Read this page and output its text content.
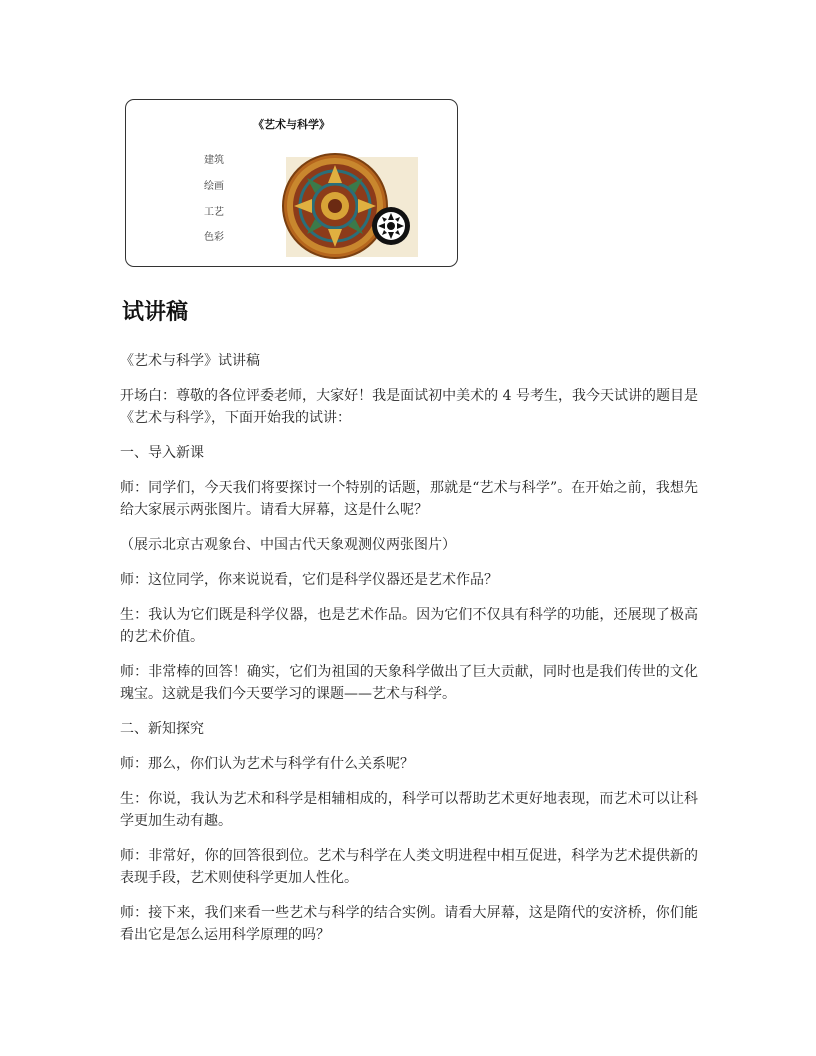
《艺术与科学》
建筑
绘画
工艺
色彩
试讲稿

《艺术与科学》试讲稿

开场白：尊敬的各位评委老师，大家好！我是面试初中美术的 4 号考生，我今天试讲的题目是《艺术与科学》，下面开始我的试讲：

一、导入新课

师：同学们，今天我们将要探讨一个特别的话题，那就是“艺术与科学”。在开始之前，我想先给大家展示两张图片。请看大屏幕，这是什么呢？

（展示北京古观象台、中国古代天象观测仪两张图片）

师：这位同学，你来说说看，它们是科学仪器还是艺术作品？

生：我认为它们既是科学仪器，也是艺术作品。因为它们不仅具有科学的功能，还展现了极高的艺术价值。

师：非常棒的回答！确实，它们为祖国的天象科学做出了巨大贡献，同时也是我们传世的文化瑰宝。这就是我们今天要学习的课题——艺术与科学。

二、新知探究

师：那么，你们认为艺术与科学有什么关系呢？

生：你说，我认为艺术和科学是相辅相成的，科学可以帮助艺术更好地表现，而艺术可以让科学更加生动有趣。

师：非常好，你的回答很到位。艺术与科学在人类文明进程中相互促进，科学为艺术提供新的表现手段，艺术则使科学更加人性化。

师：接下来，我们来看一些艺术与科学的结合实例。请看大屏幕，这是隋代的安济桥，你们能看出它是怎么运用科学原理的吗？
